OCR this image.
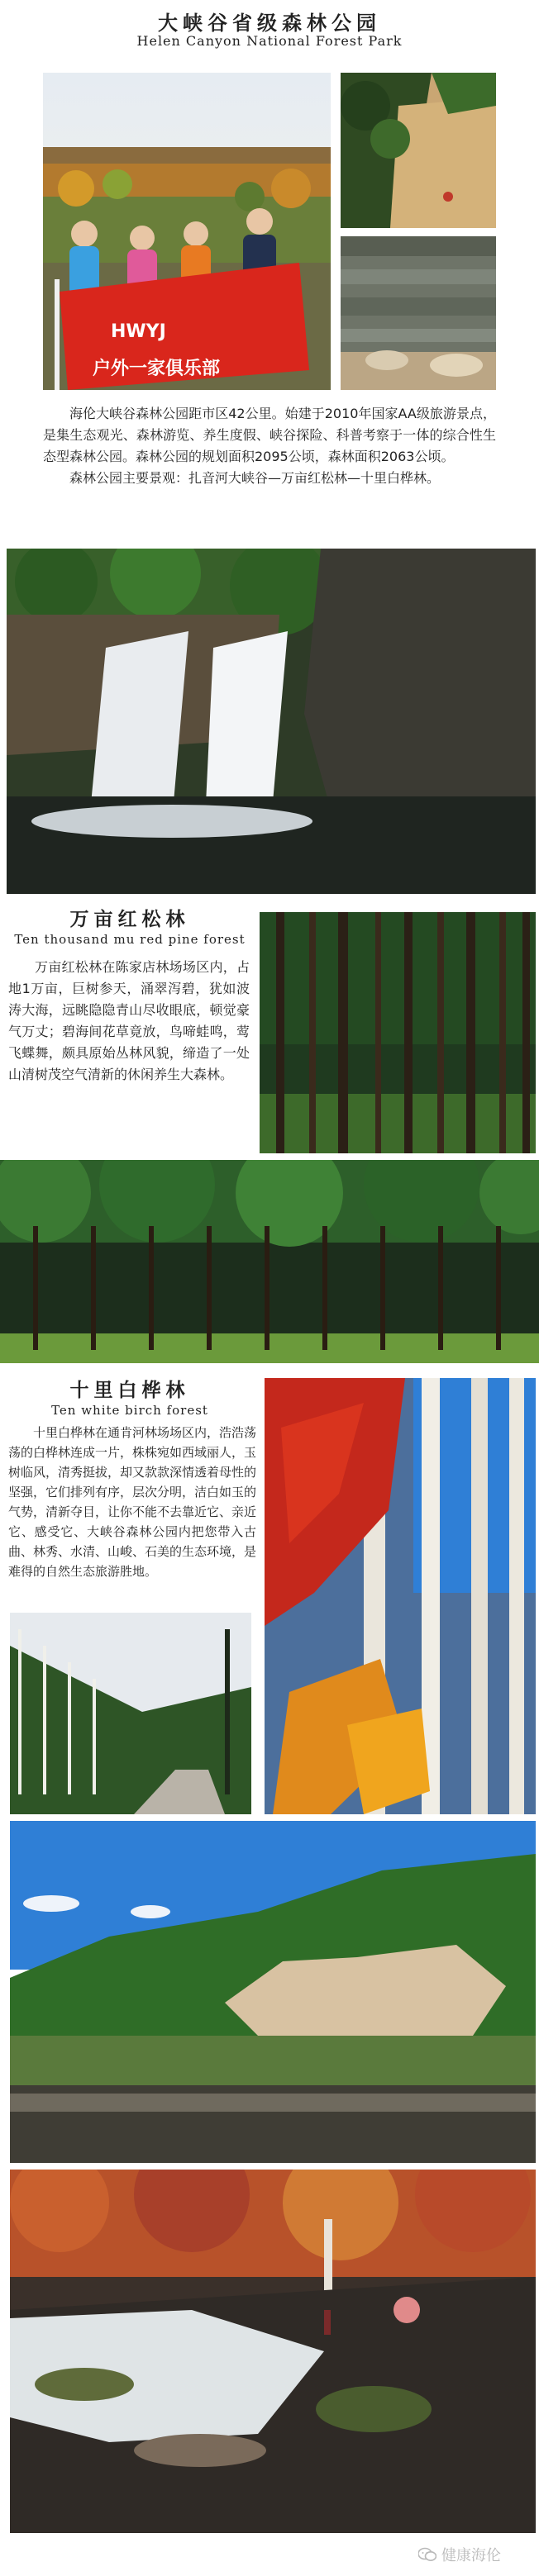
大峡谷省级森林公园
Helen Canyon National Forest Park
HWYJ
户外一家俱乐部

海伦大峡谷森林公园距市区42公里。始建于2010年国家AA级旅游景点，是集生态观光、森林游览、养生度假、峡谷探险、科普考察于一体的综合性生态型森林公园。森林公园的规划面积2095公顷，森林面积2063公顷。

森林公园主要景观：扎音河大峡谷—万亩红松林—十里白桦林。

万亩红松林
Ten thousand mu red pine forest

万亩红松林在陈家店林场场区内，占地1万亩，巨树参天，涌翠泻碧，犹如波涛大海，远眺隐隐青山尽收眼底，顿觉豪气万丈；碧海间花草竟放，鸟啼蛙鸣，莺飞蝶舞，颇具原始丛林风貌，缔造了一处山清树茂空气清新的休闲养生大森林。

十里白桦林
Ten white birch forest

十里白桦林在通肯河林场场区内，浩浩荡荡的白桦林连成一片，株株宛如西域丽人，玉树临风，清秀挺拔，却又款款深情透着母性的坚强，它们排列有序，层次分明，洁白如玉的气势，清新夺目，让你不能不去靠近它、亲近它、感受它、大峡谷森林公园内把您带入古曲、林秀、水清、山峻、石美的生态环境，是难得的自然生态旅游胜地。

健康海伦
